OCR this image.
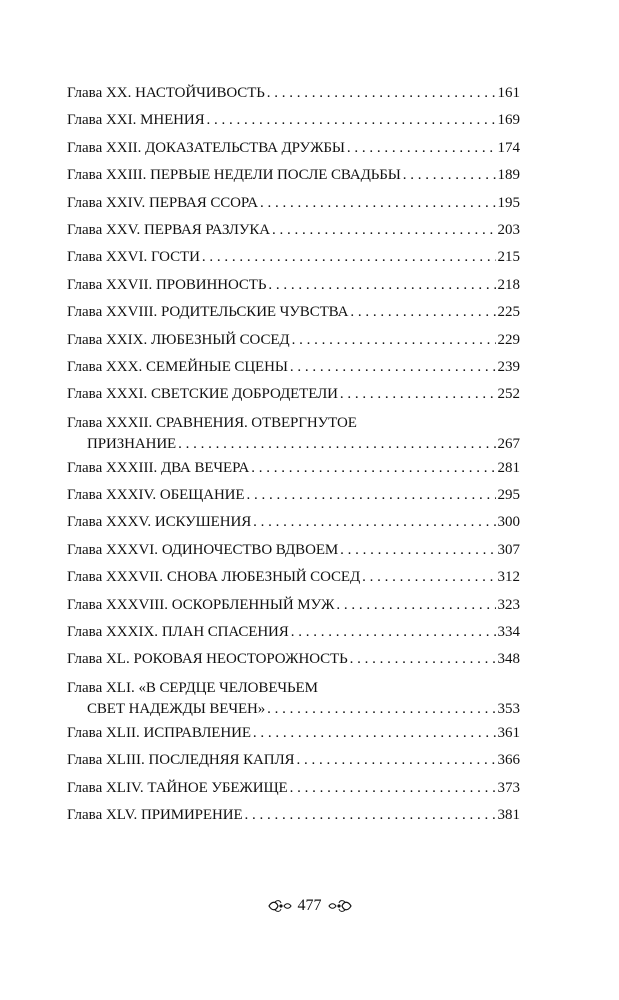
Глава XX. НАСТОЙЧИВОСТЬ . . .	161
Глава XXI. МНЕНИЯ . . .	169
Глава XXII. ДОКАЗАТЕЛЬСТВА ДРУЖБЫ . . .	174
Глава XXIII. ПЕРВЫЕ НЕДЕЛИ ПОСЛЕ СВАДЬБЫ . . .	189
Глава XXIV. ПЕРВАЯ ССОРА . . .	195
Глава XXV. ПЕРВАЯ РАЗЛУКА . . .	203
Глава XXVI. ГОСТИ . . .	215
Глава XXVII. ПРОВИННОСТЬ . . .	218
Глава XXVIII. РОДИТЕЛЬСКИЕ ЧУВСТВА . . .	225
Глава XXIX. ЛЮБЕЗНЫЙ СОСЕД . . .	229
Глава XXX. СЕМЕЙНЫЕ СЦЕНЫ . . .	239
Глава XXXI. СВЕТСКИЕ ДОБРОДЕТЕЛИ . . .	252
Глава XXXII. СРАВНЕНИЯ. ОТВЕРГНУТОЕ
ПРИЗНАНИЕ . . .	267
Глава XXXIII. ДВА ВЕЧЕРА . . .	281
Глава XXXIV. ОБЕЩАНИЕ . . .	295
Глава XXXV. ИСКУШЕНИЯ . . .	300
Глава XXXVI. ОДИНОЧЕСТВО ВДВОЕМ . . .	307
Глава XXXVII. СНОВА ЛЮБЕЗНЫЙ СОСЕД . . .	312
Глава XXXVIII. ОСКОРБЛЕННЫЙ МУЖ . . .	323
Глава XXXIX. ПЛАН СПАСЕНИЯ . . .	334
Глава XL. РОКОВАЯ НЕОСТОРОЖНОСТЬ . . .	348
Глава XLI. «В СЕРДЦЕ ЧЕЛОВЕЧЬЕМ
СВЕТ НАДЕЖДЫ ВЕЧЕН» . . .	353
Глава XLII. ИСПРАВЛЕНИЕ . . .	361
Глава XLIII. ПОСЛЕДНЯЯ КАПЛЯ . . .	366
Глава XLIV. ТАЙНОЕ УБЕЖИЩЕ . . .	373
Глава XLV. ПРИМИРЕНИЕ . . .	381
477
